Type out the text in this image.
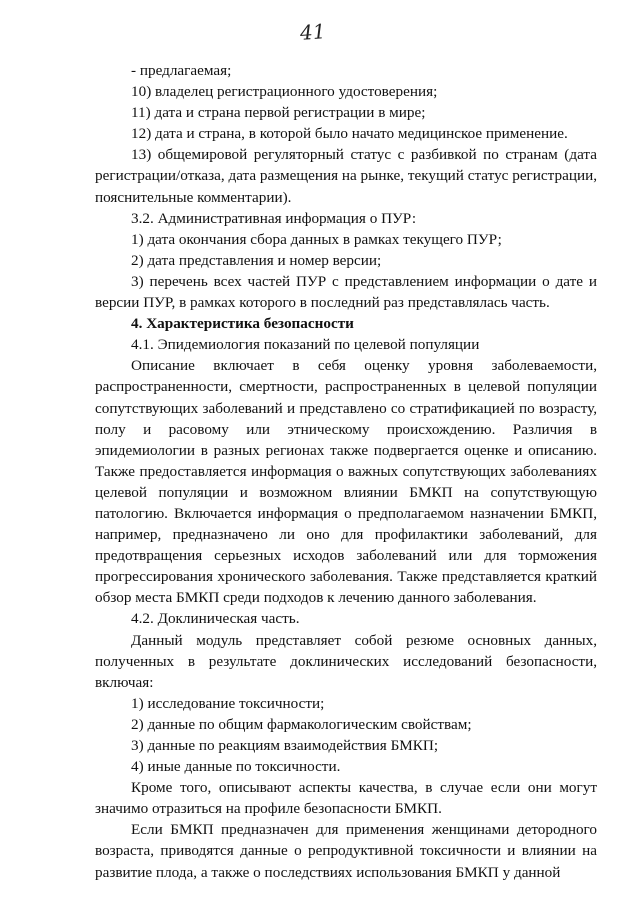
41

- предлагаемая;

10) владелец регистрационного удостоверения;

11) дата и страна первой регистрации в мире;

12) дата и страна, в которой было начато медицинское применение.

13) общемировой регуляторный статус с разбивкой по странам (дата регистрации/отказа, дата размещения на рынке, текущий статус регистрации, пояснительные комментарии).

3.2. Административная информация о ПУР:

1) дата окончания сбора данных в рамках текущего ПУР;

2) дата представления и номер версии;

3) перечень всех частей ПУР с представлением информации о дате и версии ПУР, в рамках которого в последний раз представлялась часть.

4. Характеристика безопасности

4.1. Эпидемиология показаний по целевой популяции

Описание включает в себя оценку уровня заболеваемости, распространенности, смертности, распространенных в целевой популяции сопутствующих заболеваний и представлено со стратификацией по возрасту, полу и расовому или этническому происхождению. Различия в эпидемиологии в разных регионах также подвергается оценке и описанию. Также предоставляется информация о важных сопутствующих заболеваниях целевой популяции и возможном влиянии БМКП на сопутствующую патологию. Включается информация о предполагаемом назначении БМКП, например, предназначено ли оно для профилактики заболеваний, для предотвращения серьезных исходов заболеваний или для торможения прогрессирования хронического заболевания. Также представляется краткий обзор места БМКП среди подходов к лечению данного заболевания.

4.2. Доклиническая часть.

Данный модуль представляет собой резюме основных данных, полученных в результате доклинических исследований безопасности, включая:

1) исследование токсичности;

2) данные по общим фармакологическим свойствам;

3) данные по реакциям взаимодействия БМКП;

4) иные данные по токсичности.

Кроме того, описывают аспекты качества, в случае если они могут значимо отразиться на профиле безопасности БМКП.

Если БМКП предназначен для применения женщинами детородного возраста, приводятся данные о репродуктивной токсичности и влиянии на развитие плода, а также о последствиях использования БМКП у данной
